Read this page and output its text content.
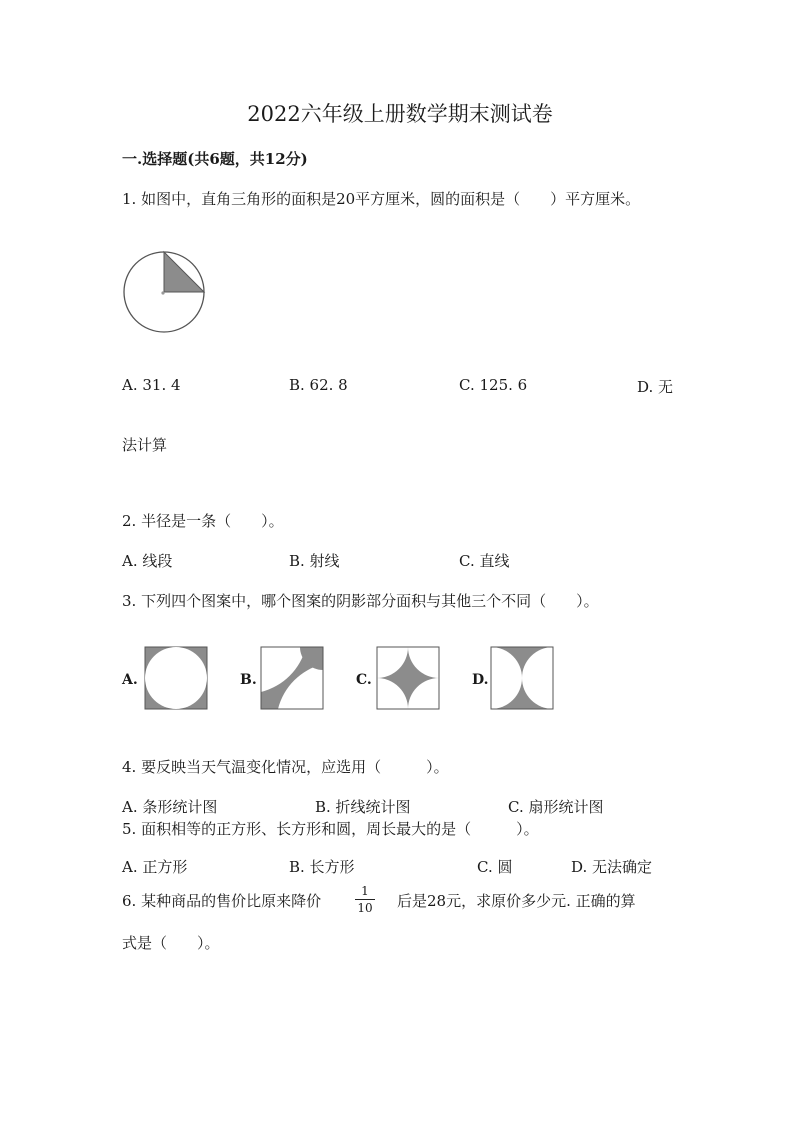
2022六年级上册数学期末测试卷
一.选择题(共6题，共12分)
1. 如图中，直角三角形的面积是20平方厘米，圆的面积是（　　）平方厘米。
A. 31. 4	B. 62. 8	C. 125. 6	D. 无
法计算
2. 半径是一条（　　）。
A. 线段	B. 射线	C. 直线
3. 下列四个图案中，哪个图案的阴影部分面积与其他三个不同（　　）。
A.	B.	C.	D.
4. 要反映当天气温变化情况，应选用（　　　）。
A. 条形统计图	B. 折线统计图	C. 扇形统计图
5. 面积相等的正方形、长方形和圆，周长最大的是（　　　）。
A. 正方形	B. 长方形	C. 圆	D. 无法确定
6. 某种商品的售价比原来降价
1
10 后是28元，求原价多少元. 正确的算
式是（　　）。
